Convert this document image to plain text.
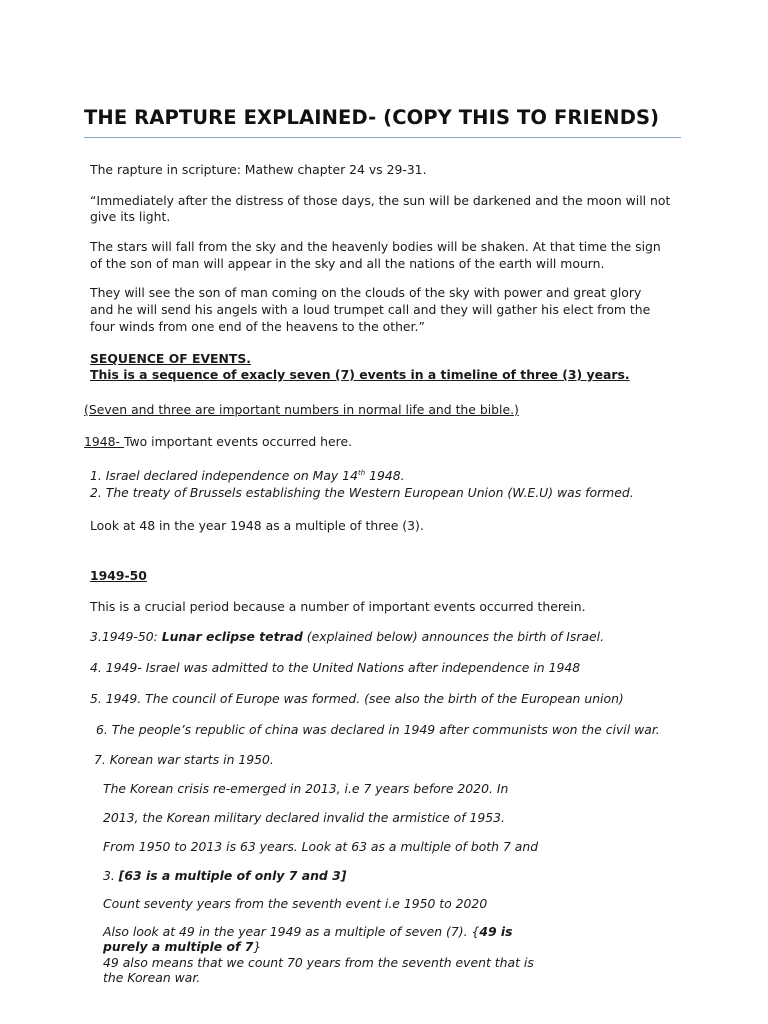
THE RAPTURE EXPLAINED- (COPY THIS TO FRIENDS)
The rapture in scripture: Mathew chapter 24 vs 29-31.
“Immediately after the distress of those days, the sun will be darkened and the moon will not
give its light.
The stars will fall from the sky and the heavenly bodies will be shaken. At that time the sign
of the son of man will appear in the sky and all the nations of the earth will mourn.
They will see the son of man coming on the clouds of the sky with power and great glory
and he will send his angels with a loud trumpet call and they will gather his elect from the
four winds from one end of the heavens to the other.”
SEQUENCE OF EVENTS.
This is a sequence of exacly seven (7) events in a timeline of three (3) years.
(Seven and three are important numbers in normal life and the bible.)
1948- Two important events occurred here.
1. Israel declared independence on May 14th 1948.
2. The treaty of Brussels establishing the Western European Union (W.E.U) was formed.
Look at 48 in the year 1948 as a multiple of three (3).
1949-50
This is a crucial period because a number of important events occurred therein.
3.1949-50: Lunar eclipse tetrad (explained below) announces the birth of Israel.
4. 1949- Israel was admitted to the United Nations after independence in 1948
5. 1949. The council of Europe was formed. (see also the birth of the European union)
6. The people’s republic of china was declared in 1949 after communists won the civil war.
7. Korean war starts in 1950.
The Korean crisis re-emerged in 2013, i.e 7 years before 2020. In
2013, the Korean military declared invalid the armistice of 1953.
From 1950 to 2013 is 63 years. Look at 63 as a multiple of both 7 and
3. [63 is a multiple of only 7 and 3]
Count seventy years from the seventh event i.e 1950 to 2020
Also look at 49 in the year 1949 as a multiple of seven (7). {49 is
purely a multiple of 7}
49 also means that we count 70 years from the seventh event that is
the Korean war.
